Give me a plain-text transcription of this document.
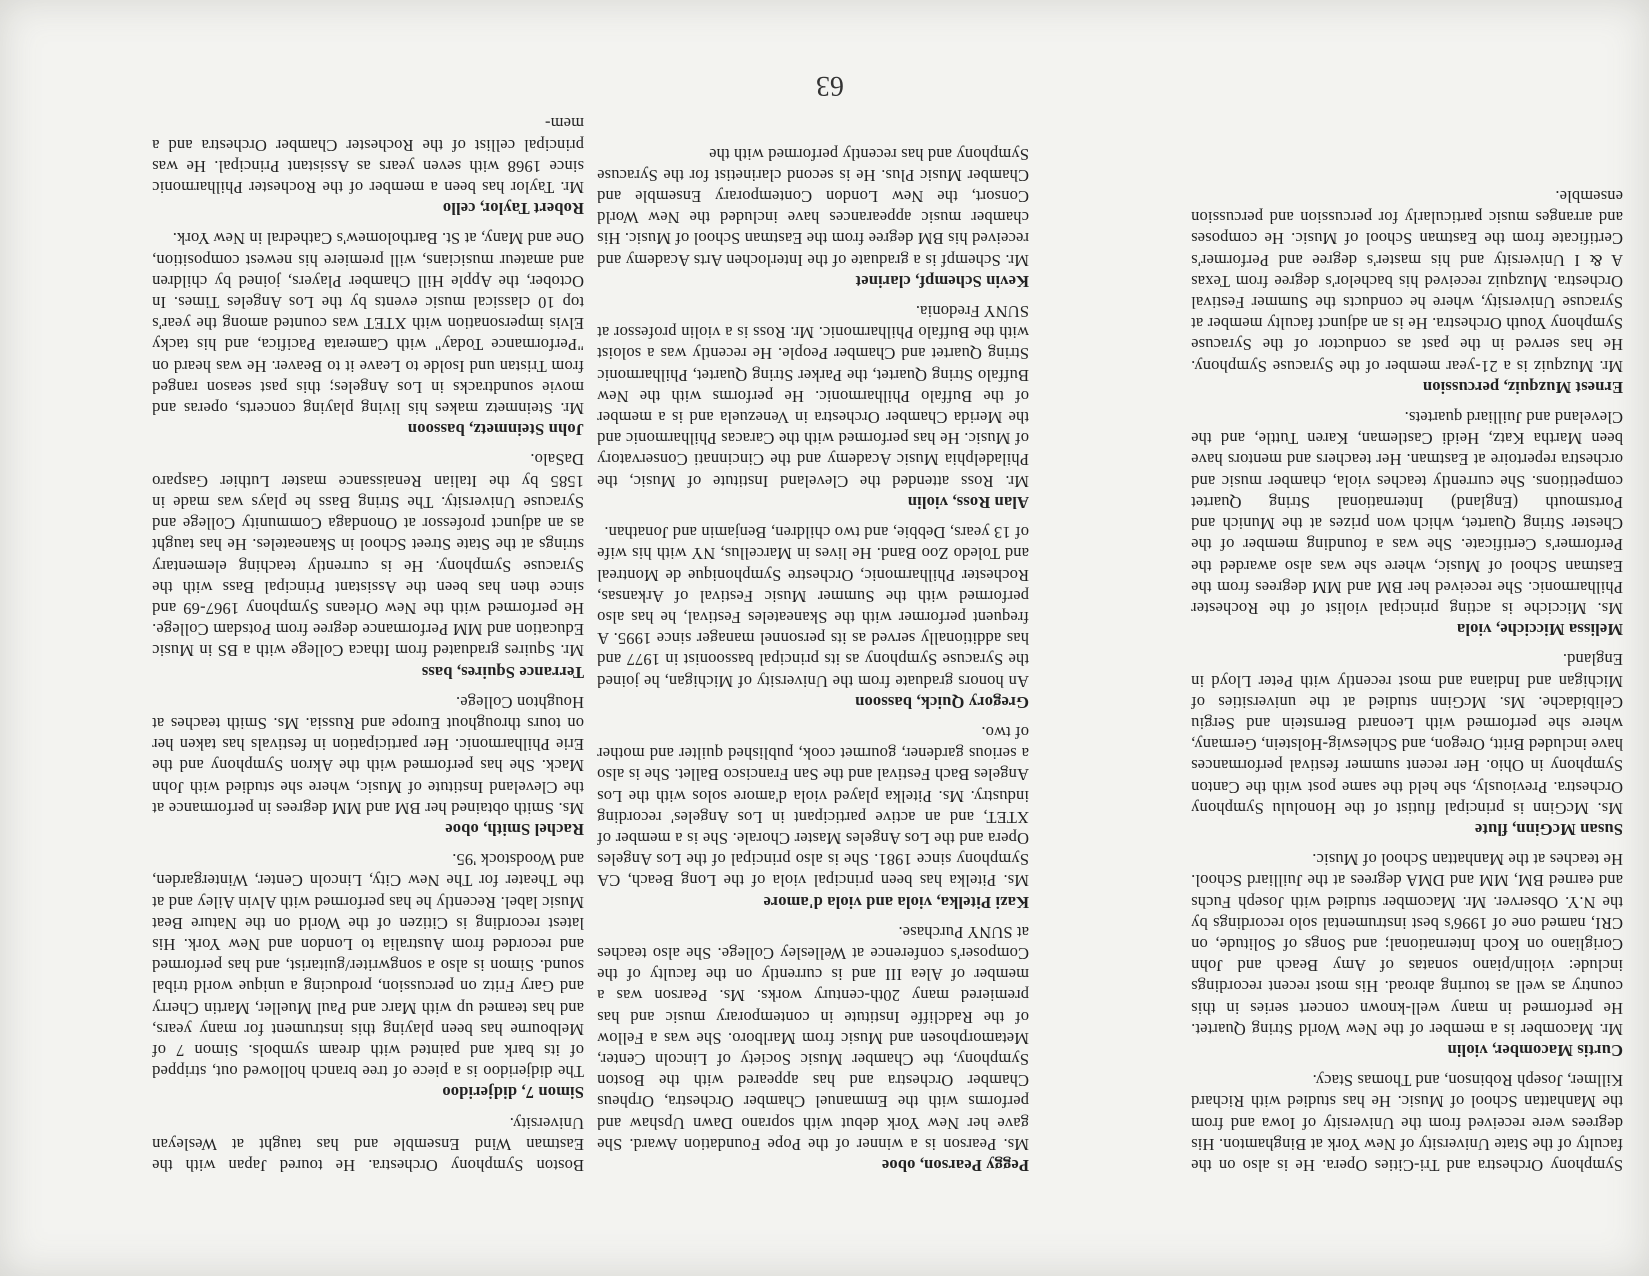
Symphony Orchestra and Tri-Cities Opera. He is also on the faculty of the State University of New York at Binghamton. His degrees were received from the University of Iowa and from the Manhattan School of Music. He has studied with Richard Killmer, Joseph Robinson, and Thomas Stacy.

Curtis Macomber, violin

Mr. Macomber is a member of the New World String Quartet. He performed in many well-known concert series in this country as well as touring abroad. His most recent recordings include: violin/piano sonatas of Amy Beach and John Corigliano on Koch International; and Songs of Solitude, on CRI, named one of 1996's best instrumental solo recordings by the N.Y. Observer. Mr. Macomber studied with Joseph Fuchs and earned BM, MM and DMA degrees at the Juilliard School. He teaches at the Manhattan School of Music.

Susan McGinn, flute

Ms. McGinn is principal flutist of the Honolulu Symphony Orchestra. Previously, she held the same post with the Canton Symphony in Ohio. Her recent summer festival performances have included Britt, Oregon, and Schleswig-Holstein, Germany, where she performed with Leonard Bernstein and Sergiu Celibidache. Ms. McGinn studied at the universities of Michigan and Indiana and most recently with Peter Lloyd in England.

Melissa Micciche, viola

Ms. Micciche is acting principal violist of the Rochester Philharmonic. She received her BM and MM degrees from the Eastman School of Music, where she was also awarded the Performer's Certificate. She was a founding member of the Chester String Quartet, which won prizes at the Munich and Portsmouth (England) International String Quartet competitions. She currently teaches viola, chamber music and orchestra repertoire at Eastman. Her teachers and mentors have been Martha Katz, Heidi Castleman, Karen Tuttle, and the Cleveland and Juilliard quartets.

Ernest Muzquiz, percussion

Mr. Muzquiz is a 21-year member of the Syracuse Symphony. He has served in the past as conductor of the Syracuse Symphony Youth Orchestra. He is an adjunct faculty member at Syracuse University, where he conducts the Summer Festival Orchestra. Muzquiz received his bachelor's degree from Texas A & I University and his master's degree and Performer's Certificate from the Eastman School of Music. He composes and arranges music particularly for percussion and percussion ensemble.

Peggy Pearson, oboe

Ms. Pearson is a winner of the Pope Foundation Award. She gave her New York debut with soprano Dawn Upshaw and performs with the Emmanuel Chamber Orchestra, Orpheus Chamber Orchestra and has appeared with the Boston Symphony, the Chamber Music Society of Lincoln Center, Metamorphosen and Music from Marlboro. She was a Fellow of the Radcliffe Institute in contemporary music and has premiered many 20th-century works. Ms. Pearson was a member of Alea III and is currently on the faculty of the Composer's conference at Wellesley College. She also teaches at SUNY Purchase.

Kazi Pitelka, viola and viola d'amore

Ms. Pitelka has been principal viola of the Long Beach, CA Symphony since 1981. She is also principal of the Los Angeles Opera and the Los Angeles Master Chorale. She is a member of XTET, and an active participant in Los Angeles' recording industry. Ms. Pitelka played viola d'amore solos with the Los Angeles Bach Festival and the San Francisco Ballet. She is also a serious gardener, gourmet cook, published quilter and mother of two.

Gregory Quick, bassoon

An honors graduate from the University of Michigan, he joined the Syracuse Symphony as its principal bassoonist in 1977 and has additionally served as its personnel manager since 1995. A frequent performer with the Skaneateles Festival, he has also performed with the Summer Music Festival of Arkansas, Rochester Philharmonic, Orchestre Symphonique de Montreal and Toledo Zoo Band. He lives in Marcellus, NY with his wife of 13 years, Debbie, and two children, Benjamin and Jonathan.

Alan Ross, violin

Mr. Ross attended the Cleveland Institute of Music, the Philadelphia Music Academy and the Cincinnati Conservatory of Music. He has performed with the Caracas Philharmonic and the Merida Chamber Orchestra in Venezuela and is a member of the Buffalo Philharmonic. He performs with the New Buffalo String Quartet, the Parker String Quartet, Philharmonic String Quartet and Chamber People. He recently was a soloist with the Buffalo Philharmonic. Mr. Ross is a violin professor at SUNY Fredonia.

Kevin Schempf, clarinet

Mr. Schempf is a graduate of the Interlochen Arts Academy and received his BM degree from the Eastman School of Music. His chamber music appearances have included the New World Consort, the New London Contemporary Ensemble and Chamber Music Plus. He is second clarinetist for the Syracuse Symphony and has recently performed with the

Boston Symphony Orchestra. He toured Japan with the Eastman Wind Ensemble and has taught at Wesleyan University.

Simon 7, didjeridoo

The didjeridoo is a piece of tree branch hollowed out, stripped of its bark and painted with dream symbols. Simon 7 of Melbourne has been playing this instrument for many years, and has teamed up with Marc and Paul Mueller, Martin Cherry and Gary Fritz on percussion, producing a unique world tribal sound. Simon is also a songwriter/guitarist, and has performed and recorded from Australia to London and New York. His latest recording is Citizen of the World on the Nature Beat Music label. Recently he has performed with Alvin Ailey and at the Theater for The New City, Lincoln Center, Wintergarden, and Woodstock '95.

Rachel Smith, oboe

Ms. Smith obtained her BM and MM degrees in performance at the Cleveland Institute of Music, where she studied with John Mack. She has performed with the Akron Symphony and the Erie Philharmonic. Her participation in festivals has taken her on tours throughout Europe and Russia. Ms. Smith teaches at Houghton College.

Terrance Squires, bass

Mr. Squires graduated from Ithaca College with a BS in Music Education and MM Performance degree from Potsdam College. He performed with the New Orleans Symphony 1967-69 and since then has been the Assistant Principal Bass with the Syracuse Symphony. He is currently teaching elementary strings at the State Street School in Skaneateles. He has taught as an adjunct professor at Onondaga Community College and Syracuse University. The String Bass he plays was made in 1585 by the Italian Renaissance master Luthier Gasparo DaSalo.

John Steinmetz, bassoon

Mr. Steinmetz makes his living playing concerts, operas and movie soundtracks in Los Angeles; this past season ranged from Tristan und Isolde to Leave it to Beaver. He was heard on "Performance Today" with Camerata Pacifica, and his tacky Elvis impersonation with XTET was counted among the year's top 10 classical music events by the Los Angeles Times. In October, the Apple Hill Chamber Players, joined by children and amateur musicians, will premiere his newest composition, One and Many, at St. Bartholomew's Cathedral in New York.

Robert Taylor, cello

Mr. Taylor has been a member of the Rochester Philharmonic since 1968 with seven years as Assistant Principal. He was principal cellist of the Rochester Chamber Orchestra and a mem-

63
